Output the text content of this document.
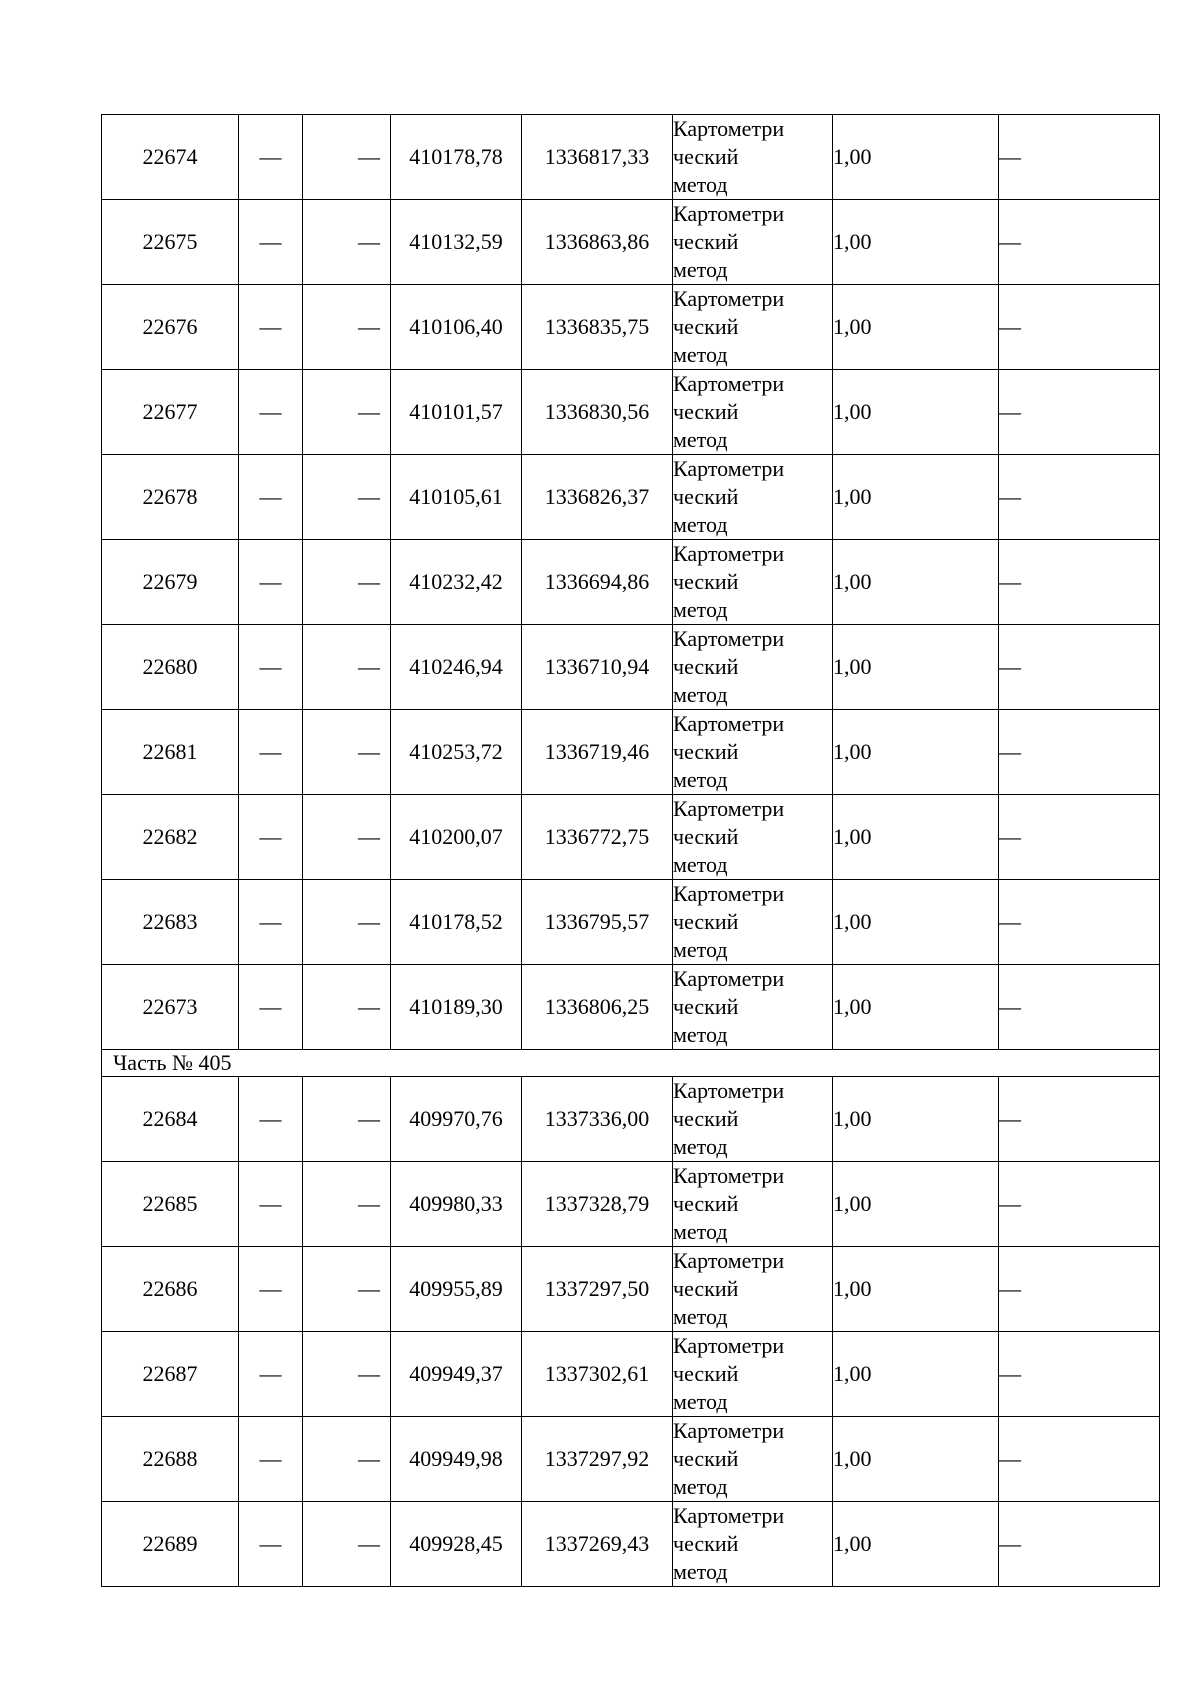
22674	—	—	410178,78	1336817,33	Картометри
ческий
метод	1,00	—
22675	—	—	410132,59	1336863,86	Картометри
ческий
метод	1,00	—
22676	—	—	410106,40	1336835,75	Картометри
ческий
метод	1,00	—
22677	—	—	410101,57	1336830,56	Картометри
ческий
метод	1,00	—
22678	—	—	410105,61	1336826,37	Картометри
ческий
метод	1,00	—
22679	—	—	410232,42	1336694,86	Картометри
ческий
метод	1,00	—
22680	—	—	410246,94	1336710,94	Картометри
ческий
метод	1,00	—
22681	—	—	410253,72	1336719,46	Картометри
ческий
метод	1,00	—
22682	—	—	410200,07	1336772,75	Картометри
ческий
метод	1,00	—
22683	—	—	410178,52	1336795,57	Картометри
ческий
метод	1,00	—
22673	—	—	410189,30	1336806,25	Картометри
ческий
метод	1,00	—
Часть № 405							
22684	—	—	409970,76	1337336,00	Картометри
ческий
метод	1,00	—
22685	—	—	409980,33	1337328,79	Картометри
ческий
метод	1,00	—
22686	—	—	409955,89	1337297,50	Картометри
ческий
метод	1,00	—
22687	—	—	409949,37	1337302,61	Картометри
ческий
метод	1,00	—
22688	—	—	409949,98	1337297,92	Картометри
ческий
метод	1,00	—
22689	—	—	409928,45	1337269,43	Картометри
ческий
метод	1,00	—
